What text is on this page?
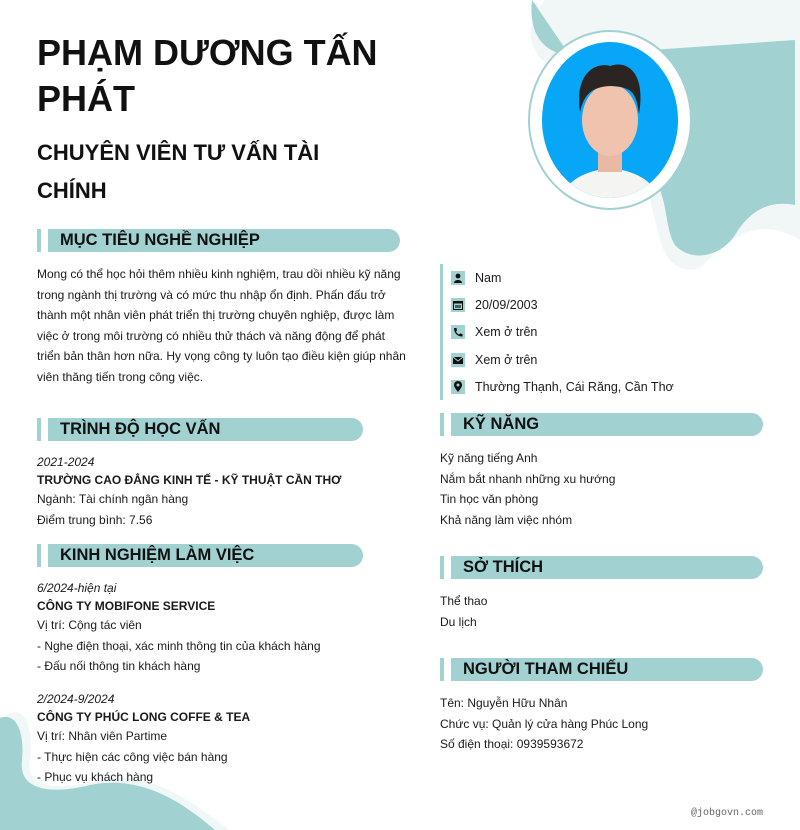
PHẠM DƯƠNG TẤN PHÁT
CHUYÊN VIÊN TƯ VẤN TÀI CHÍNH
MỤC TIÊU NGHỀ NGHIỆP
Mong có thể học hỏi thêm nhiều kinh nghiệm, trau dồi nhiều kỹ năng trong ngành thị trường và có mức thu nhập ổn định. Phấn đấu trở thành một nhân viên phát triển thị trường chuyên nghiệp, được làm việc ở trong môi trường có nhiều thử thách và năng động để phát triển bản thân hơn nữa. Hy vọng công ty luôn tạo điều kiện giúp nhân viên thăng tiến trong công việc.
Nam
20/09/2003
Xem ở trên
Xem ở trên
Thường Thạnh, Cái Răng, Cần Thơ
TRÌNH ĐỘ HỌC VẤN
2021-2024
TRƯỜNG CAO ĐẲNG KINH TẾ - KỸ THUẬT CẦN THƠ
Ngành: Tài chính ngân hàng
Điểm trung bình: 7.56
KINH NGHIỆM LÀM VIỆC
6/2024-hiện tại
CÔNG TY MOBIFONE SERVICE
Vị trí: Cộng tác viên
- Nghe điện thoại, xác minh thông tin của khách hàng
- Đấu nối thông tin khách hàng
2/2024-9/2024
CÔNG TY PHÚC LONG COFFE & TEA
Vị trí: Nhân viên Partime
- Thực hiện các công việc bán hàng
- Phục vụ khách hàng
KỸ NĂNG
Kỹ năng tiếng Anh
Nắm bắt nhanh những xu hướng
Tin học văn phòng
Khả năng làm việc nhóm
SỞ THÍCH
Thể thao
Du lịch
NGƯỜI THAM CHIẾU
Tên: Nguyễn Hữu Nhân
Chức vụ: Quản lý cửa hàng Phúc Long
Số điện thoại: 0939593672
@jobgovn.com
